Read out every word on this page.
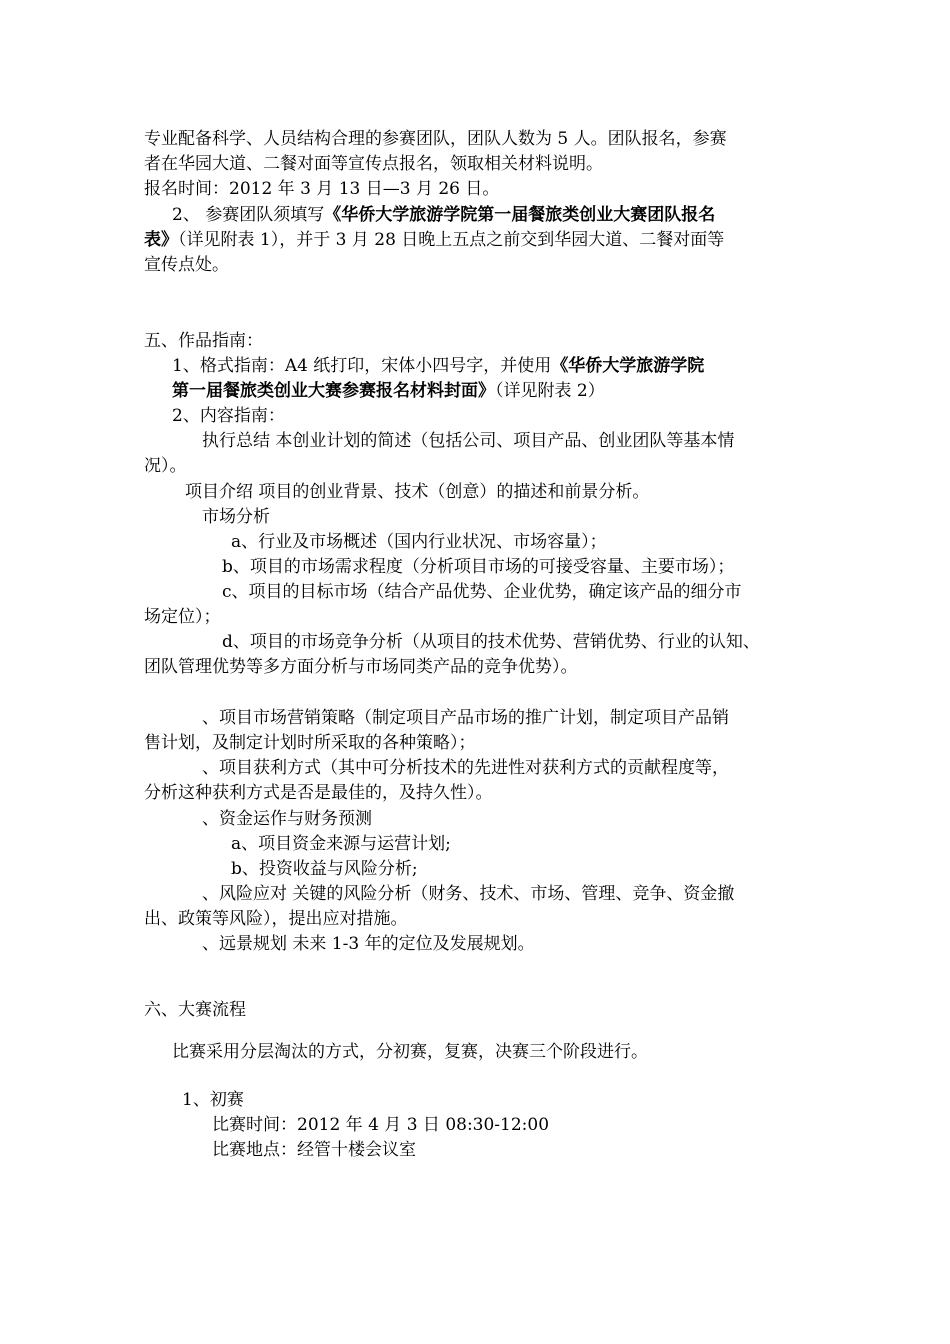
专业配备科学、人员结构合理的参赛团队，团队人数为 5 人。团队报名，参赛
者在华园大道、二餐对面等宣传点报名，领取相关材料说明。
报名时间：2012 年 3 月 13 日—3 月 26 日。
2、 参赛团队须填写《华侨大学旅游学院第一届餐旅类创业大赛团队报名
表》（详见附表 1），并于 3 月 28 日晚上五点之前交到华园大道、二餐对面等
宣传点处。
五、作品指南：
1、格式指南：A4 纸打印，宋体小四号字，并使用《华侨大学旅游学院
第一届餐旅类创业大赛参赛报名材料封面》（详见附表 2）
2、内容指南：
执行总结 本创业计划的简述（包括公司、项目产品、创业团队等基本情
况）。
项目介绍 项目的创业背景、技术（创意）的描述和前景分析。
市场分析
a、行业及市场概述（国内行业状况、市场容量）；
b、项目的市场需求程度（分析项目市场的可接受容量、主要市场）；
c、项目的目标市场（结合产品优势、企业优势，确定该产品的细分市
场定位）；
d、项目的市场竞争分析（从项目的技术优势、营销优势、行业的认知、
团队管理优势等多方面分析与市场同类产品的竞争优势）。
、项目市场营销策略（制定项目产品市场的推广计划，制定项目产品销
售计划，及制定计划时所采取的各种策略）；
、项目获利方式（其中可分析技术的先进性对获利方式的贡献程度等，
分析这种获利方式是否是最佳的，及持久性）。
、资金运作与财务预测
a、项目资金来源与运营计划;
b、投资收益与风险分析;
、风险应对 关键的风险分析（财务、技术、市场、管理、竞争、资金撤
出、政策等风险），提出应对措施。
、远景规划 未来 1-3 年的定位及发展规划。
六、大赛流程
比赛采用分层淘汰的方式，分初赛，复赛，决赛三个阶段进行。
1、初赛
比赛时间：2012 年 4 月 3 日 08:30-12:00
比赛地点：经管十楼会议室
